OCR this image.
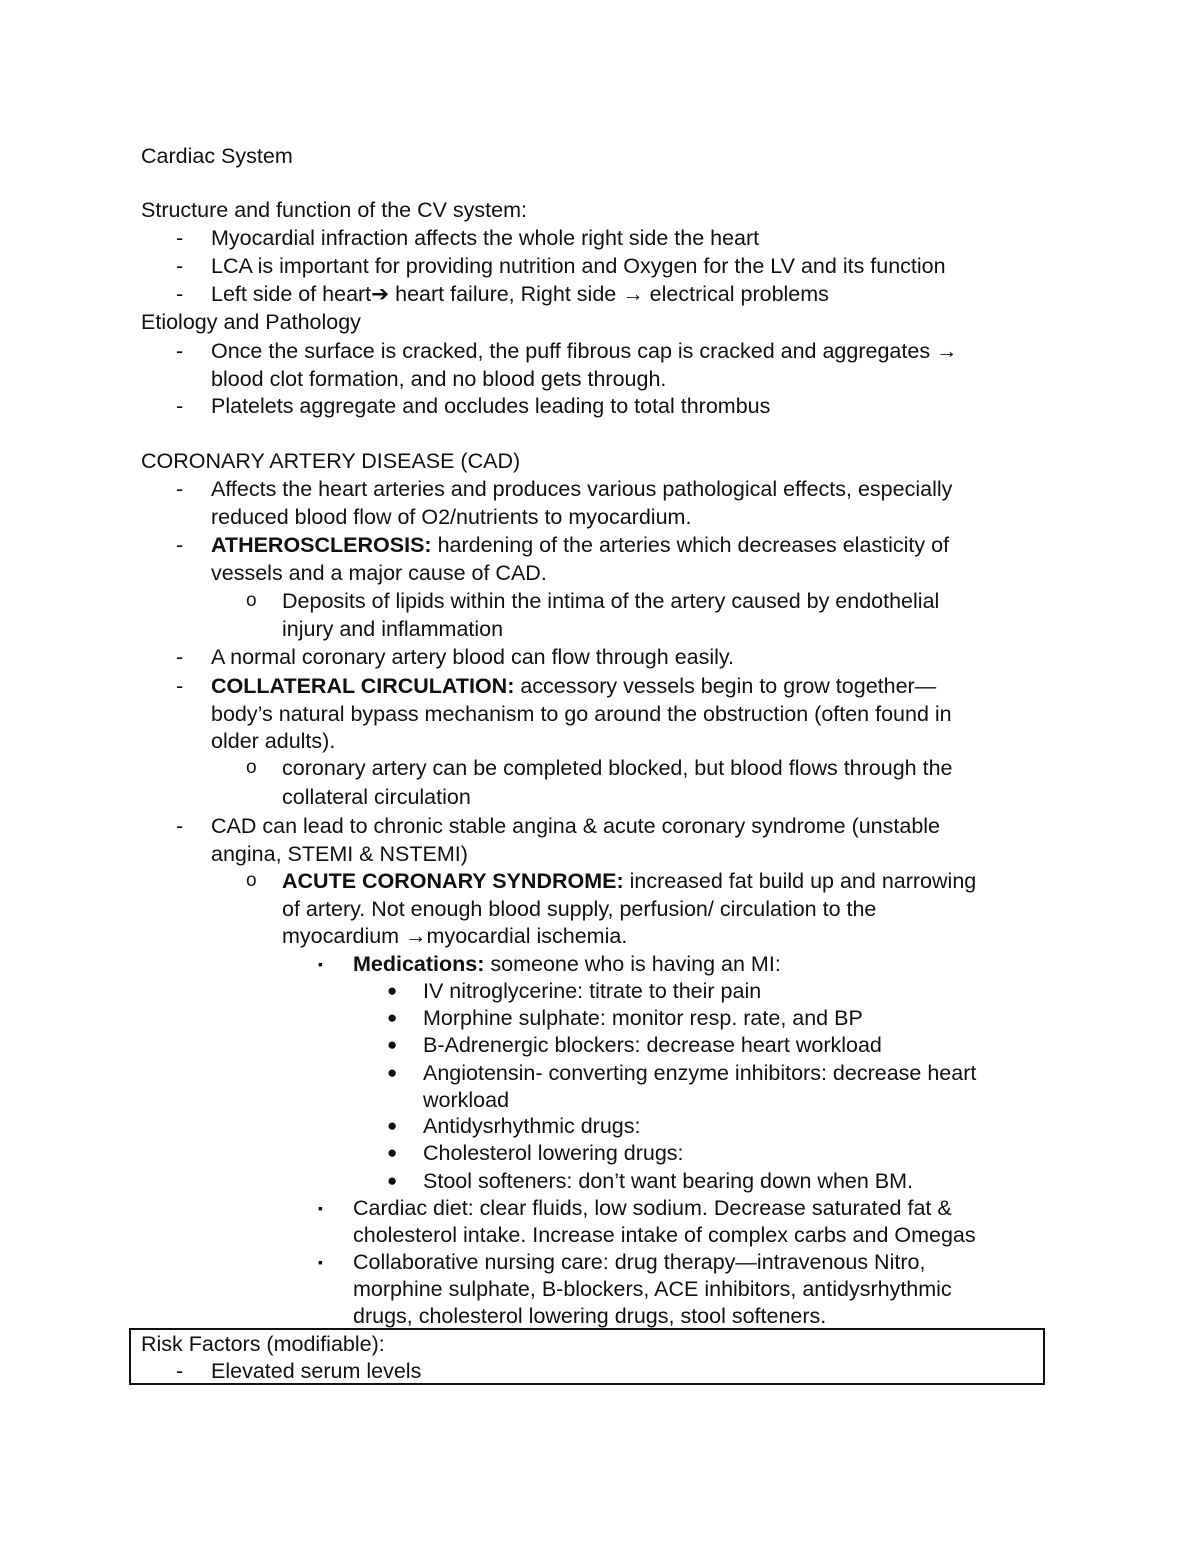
Cardiac System
Structure and function of the CV system:
- Myocardial infraction affects the whole right side the heart
- LCA is important for providing nutrition and Oxygen for the LV and its function
- Left side of heart➔ heart failure, Right side → electrical problems
Etiology and Pathology
- Once the surface is cracked, the puff fibrous cap is cracked and aggregates →
blood clot formation, and no blood gets through.
- Platelets aggregate and occludes leading to total thrombus
CORONARY ARTERY DISEASE (CAD)
- Affects the heart arteries and produces various pathological effects, especially
reduced blood flow of O2/nutrients to myocardium.
- ATHEROSCLEROSIS: hardening of the arteries which decreases elasticity of
vessels and a major cause of CAD.
o Deposits of lipids within the intima of the artery caused by endothelial
injury and inflammation
- A normal coronary artery blood can flow through easily.
- COLLATERAL CIRCULATION: accessory vessels begin to grow together—
body’s natural bypass mechanism to go around the obstruction (often found in
older adults).
o coronary artery can be completed blocked, but blood flows through the
collateral circulation
- CAD can lead to chronic stable angina & acute coronary syndrome (unstable
angina, STEMI & NSTEMI)
o ACUTE CORONARY SYNDROME: increased fat build up and narrowing
of artery. Not enough blood supply, perfusion/ circulation to the
myocardium →myocardial ischemia.
▪ Medications: someone who is having an MI:
● IV nitroglycerine: titrate to their pain
● Morphine sulphate: monitor resp. rate, and BP
● B-Adrenergic blockers: decrease heart workload
● Angiotensin- converting enzyme inhibitors: decrease heart
workload
● Antidysrhythmic drugs:
● Cholesterol lowering drugs:
● Stool softeners: don’t want bearing down when BM.
▪ Cardiac diet: clear fluids, low sodium. Decrease saturated fat &
cholesterol intake. Increase intake of complex carbs and Omegas
▪ Collaborative nursing care: drug therapy—intravenous Nitro,
morphine sulphate, B-blockers, ACE inhibitors, antidysrhythmic
drugs, cholesterol lowering drugs, stool softeners.
Risk Factors (modifiable):
- Elevated serum levels
